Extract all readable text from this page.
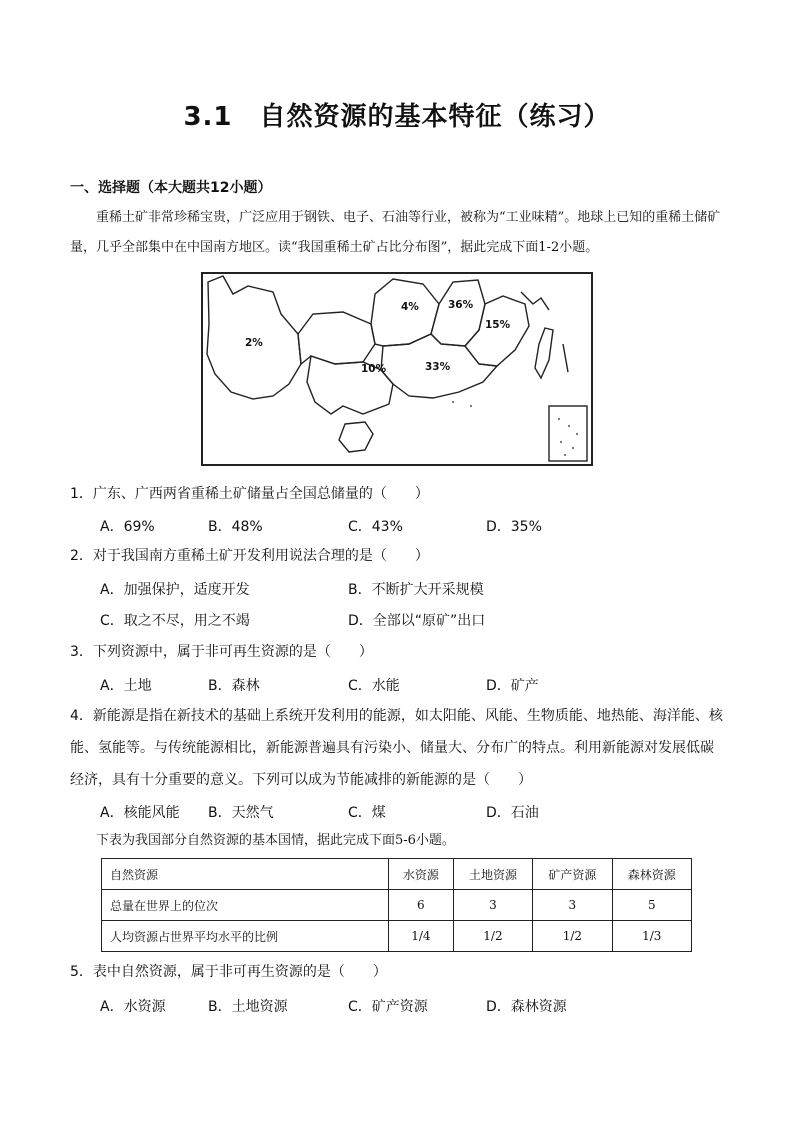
3.1　自然资源的基本特征（练习）
一、选择题（本大题共12小题）
重稀土矿非常珍稀宝贵，广泛应用于钢铁、电子、石油等行业，被称为“工业味精”。地球上已知的重稀土储矿量，几乎全部集中在中国南方地区。读“我国重稀土矿占比分布图”，据此完成下面1-2小题。
2%
4%	36%
15%
10%	33%
1．广东、广西两省重稀土矿储量占全国总储量的（　　）
A．69%	B．48%	C．43%	D．35%
2．对于我国南方重稀土矿开发利用说法合理的是（　　）
A．加强保护，适度开发	B．不断扩大开采规模
C．取之不尽，用之不竭	D．全部以“原矿”出口
3．下列资源中，属于非可再生资源的是（　　）
A．土地	B．森林	C．水能	D．矿产
4．新能源是指在新技术的基础上系统开发利用的能源，如太阳能、风能、生物质能、地热能、海洋能、核能、氢能等。与传统能源相比，新能源普遍具有污染小、储量大、分布广的特点。利用新能源对发展低碳经济，具有十分重要的意义。下列可以成为节能减排的新能源的是（　　）
A．核能风能 B．天然气	C．煤	D．石油
下表为我国部分自然资源的基本国情，据此完成下面5-6小题。
自然资源	水资源	土地资源	矿产资源	森林资源
总量在世界上的位次	6	3	3	5
人均资源占世界平均水平的比例	1/4	1/2	1/2	1/3
5．表中自然资源，属于非可再生资源的是（　　）
A．水资源	B．土地资源	C．矿产资源	D．森林资源
